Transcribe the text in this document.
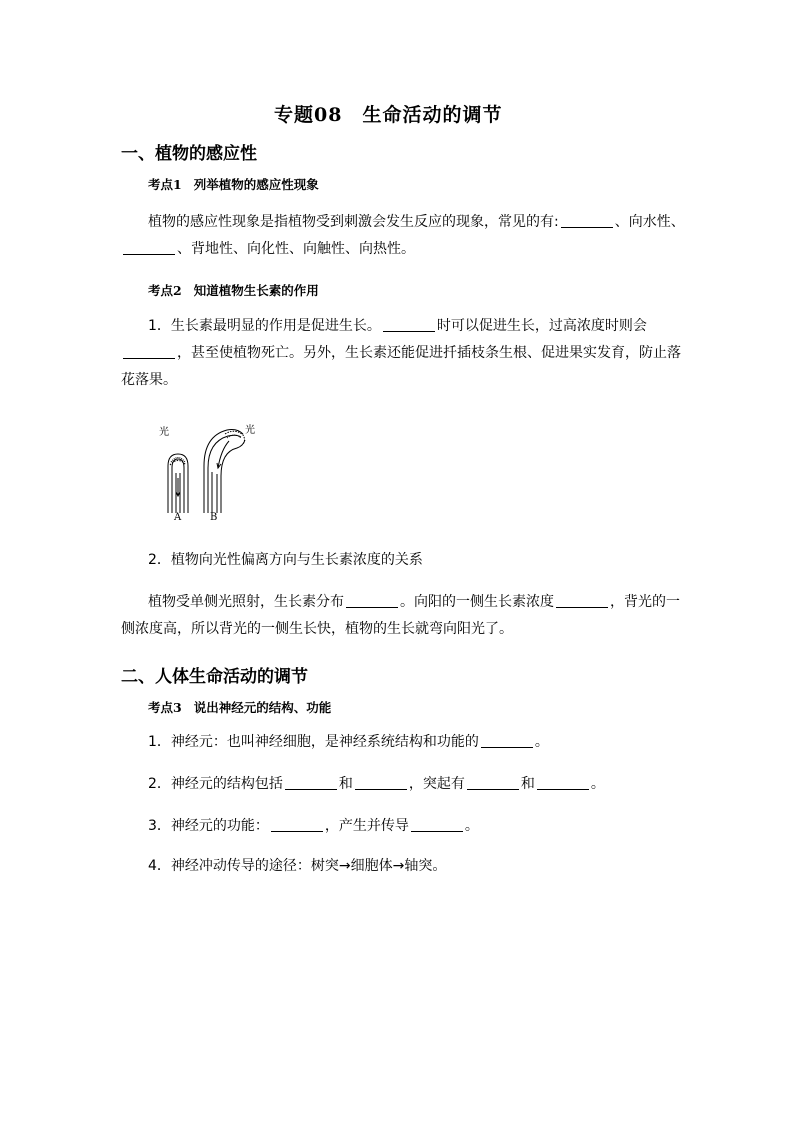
专题08　生命活动的调节
一、植物的感应性
考点1 列举植物的感应性现象
植物的感应性现象是指植物受到刺激会发生反应的现象，常见的有:	、向水性、
、背地性、向化性、向触性、向热性。
考点2 知道植物生长素的作用
1．生长素最明显的作用是促进生长。	时可以促进生长，过高浓度时则会
，甚至使植物死亡。另外，生长素还能促进扦插枝条生根、促进果实发育，防止落
花落果。
光	光
A	B
2．植物向光性偏离方向与生长素浓度的关系
植物受单侧光照射，生长素分布	。向阳的一侧生长素浓度	，背光的一
侧浓度高，所以背光的一侧生长快，植物的生长就弯向阳光了。
二、人体生命活动的调节
考点3 说出神经元的结构、功能
1．神经元：也叫神经细胞，是神经系统结构和功能的	。
2．神经元的结构包括	和	，突起有	和	。
3．神经元的功能：	，产生并传导	。
4．神经冲动传导的途径：树突→细胞体→轴突。
